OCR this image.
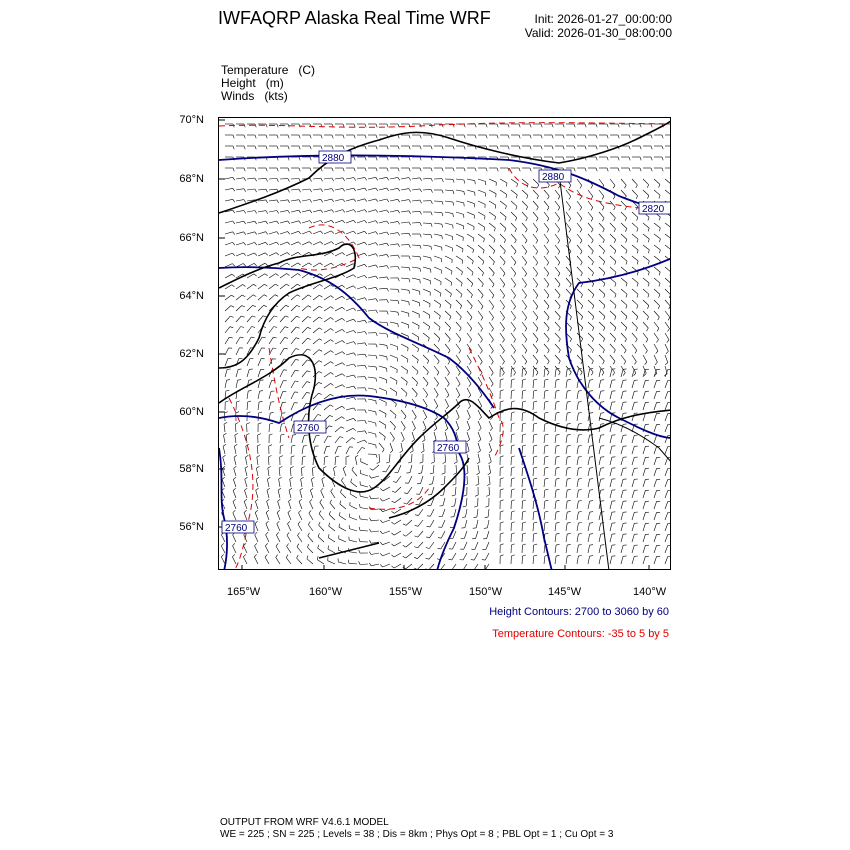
IWFAQRP Alaska Real Time WRF	Init: 2026-01-27_00:00:00
Valid: 2026-01-30_08:00:00
Temperature (C)
Height (m)
Winds (kts)
70°N
68°N
66°N
64°N
62°N
60°N
58°N
56°N
165°W	160°W	155°W	150°W	145°W	140°W
2880
2880
2820
2760
2760
2760
Height Contours: 2700 to 3060 by 60
Temperature Contours: -35 to 5 by 5
OUTPUT FROM WRF V4.6.1 MODEL
WE = 225 ; SN = 225 ; Levels = 38 ; Dis = 8km ; Phys Opt = 8 ; PBL Opt = 1 ; Cu Opt = 3
